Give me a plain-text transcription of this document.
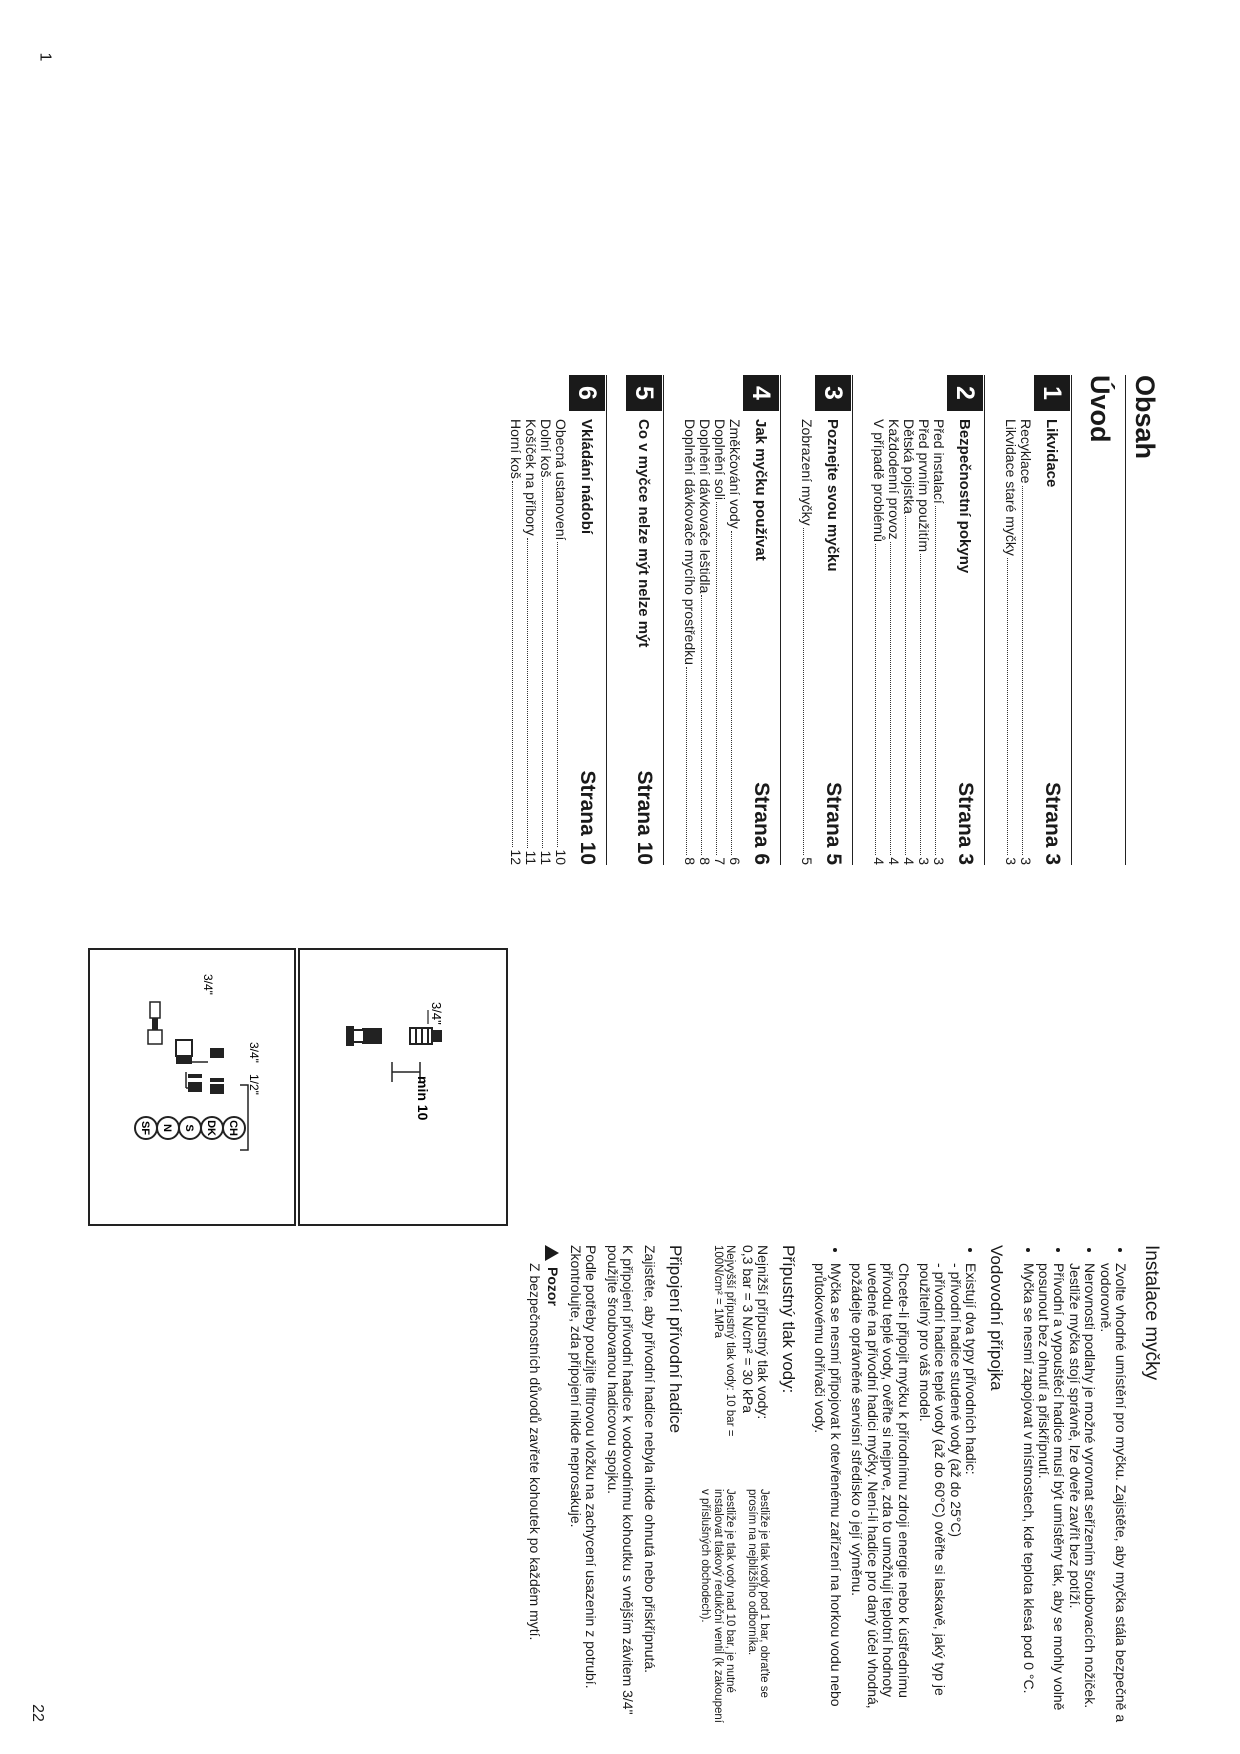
1
22
Obsah
Úvod
1
Likvidace
Strana 3
Recyklace
3
Likvidace staré myčky
3
2
Bezpečnostní pokyny
Strana 3
Před instalací
3
Před prvním použitím
3
Dětská pojistka
4
Každodenní provoz
4
V případě problémů
4
3
Poznejte svou myčku
Strana 5
Zobrazení myčky
5
4
Jak myčku používat
Strana 6
Změkčování vody
6
Doplnění soli
7
Doplnění dávkovače leštidla
8
Doplnění dávkovače mycího prostředku
8
5
Co v myčce nelze mýt nelze mýt
Strana 10
6
Vkládání nádobí
Strana 10
Obecná ustanovení
10
Dolní koš
11
Košíček na příbory
11
Horní koš
12
Instalace myčky
• Zvolte vhodné umístění pro myčku. Zajistěte, aby myčka stála bezpečně a vodorovně.
• Nerovnosti podlahy je možné vyrovnat seřízením šroubovacích nožiček. Jestliže myčka stojí správně, lze dveře zavřít bez potíží.
• Přívodní a vypouštěcí hadice musí být umístěny tak, aby se mohly volně posunout bez ohnutí a přiskřípnutí.
• Myčka se nesmí zapojovat v místnostech, kde teplota klesá pod 0 °C.
Vodovodní přípojka
• Existují dva typy přívodních hadic:
- přívodní hadice studené vody (až do 25°C)
- přívodní hadice teplé vody (až do 60°C) ověřte si laskavě, jaký typ je použitelný pro váš model.

Chcete-li připojit myčku k přírodnímu zdroji energie nebo k ústřednímu přívodu teplé vody, ověřte si nejprve, zda to umožňují teplotní hodnoty uvedené na přívodní hadici myčky. Není-li hadice pro daný účel vhodná, požádejte oprávněné servisní středisko o její výměnu.

• Myčka se nesmí připojovat k otevřenému zařízení na horkou vodu nebo průtokovému ohřívači vody.
Přípustný tlak vody:
Nejnižší přípustný tlak vody:
0,3 bar = 3 N/cm² = 30 kPa
Jestliže je tlak vody pod 1 bar, obraťte se prosím na nejbližšího odborníka.
Nejvyšší přípustný tlak vody: 10 bar = 100N/cm² = 1MPa
Jestliže je tlak vody nad 10 bar, je nutné instalovat tlakový redukční ventil (k zakoupení v příslušných obchodech).
Připojení přívodní hadice

Zajistěte, aby přívodní hadice nebyla nikde ohnutá nebo přiskřípnutá.

K připojení přívodní hadice k vodovodnímu kohoutku s vnějším závitem 3/4" použijte šroubovanou hadicovou spojku.

Podle potřeby použijte filtrovou vložku na zachycení usazenin z potrubí.
Zkontrolujte, zda připojení nikde neprosakuje.

Pozor

Z bezpečnostních důvodů zavřete kohoutek po každém mytí.

3/4"
min 10
3/4"
1/2"
3/4"
CH
DK
S
N
SF
